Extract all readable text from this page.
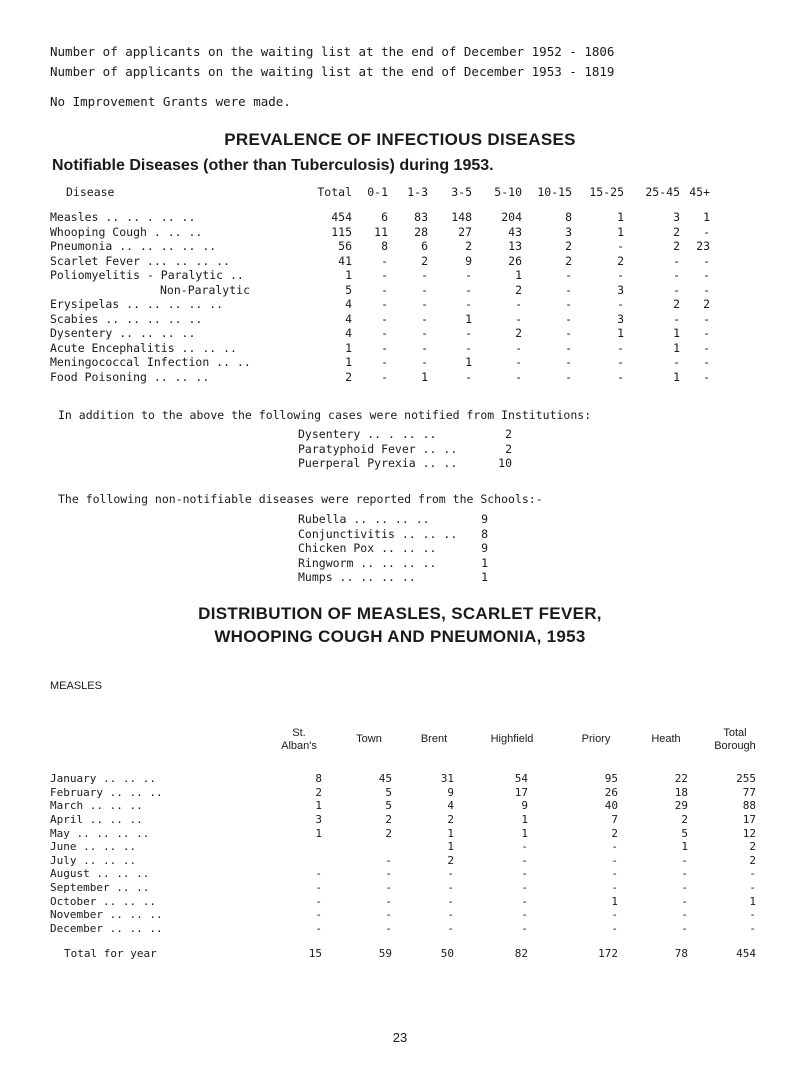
Number of applicants on the waiting list at the end of December 1952 - 1806
Number of applicants on the waiting list at the end of December 1953 - 1819
No Improvement Grants were made.
PREVALENCE OF INFECTIOUS DISEASES
Notifiable Diseases (other than Tuberculosis) during 1953.
Disease	Total	0-1	1-3	3-5	5-10	10-15	15-25	25-45	45+

Measles .. .. . .. ..	454	6	83	148	204	8	1	3	1
Whooping Cough . .. ..	115	11	28	27	43	3	1	2	-
Pneumonia .. .. .. .. ..	56	8	6	2	13	2	-	2	23
Scarlet Fever ... .. .. ..	41	-	2	9	26	2	2	-	-
Poliomyelitis - Paralytic ..	1	-	-	-	1	-	-	-	-
Non-Paralytic	5	-	-	-	2	-	3	-	-
Erysipelas .. .. .. .. ..	4	-	-	-	-	-	-	2	2
Scabies .. .. .. .. ..	4	-	-	1	-	-	3	-	-
Dysentery .. .. .. ..	4	-	-	-	2	-	1	1	-
Acute Encephalitis .. .. ..	1	-	-	-	-	-	-	1	-
Meningococcal Infection .. ..	1	-	-	1	-	-	-	-	-
Food Poisoning .. .. ..	2	-	1	-	-	-	-	1	-
In addition to the above the following cases were notified from Institutions:
Dysentery .. . .. ..	2
Paratyphoid Fever .. ..	2
Puerperal Pyrexia .. ..	10
The following non-notifiable diseases were reported from the Schools:-
Rubella .. .. .. ..	9
Conjunctivitis .. .. ..	8
Chicken Pox .. .. ..	9
Ringworm .. .. .. ..	1
Mumps .. .. .. ..	1
DISTRIBUTION OF MEASLES, SCARLET FEVER,
WHOOPING COUGH AND PNEUMONIA, 1953
MEASLES
St.
Alban's
Town	Brent	Highfield	Priory	Heath	Total
Borough
January .. .. ..	8	45	31	54	95	22	255
February .. .. ..	2	5	9	17	26	18	77
March .. .. ..	1	5	4	9	40	29	88
April .. .. ..	3	2	2	1	7	2	17
May .. .. .. ..	1	2	1	1	2	5	12
June .. .. ..			1	-	-	1	2
July .. .. ..		-	2	-	-	-	2
August .. .. ..	-	-	-	-	-	-	-
September .. ..	-	-	-	-	-	-	-
October .. .. ..	-	-	-	-	1	-	1
November .. .. ..	-	-	-	-	-	-	-
December .. .. ..	-	-	-	-	-	-	-

Total for year	15	59	50	82	172	78	454
23
